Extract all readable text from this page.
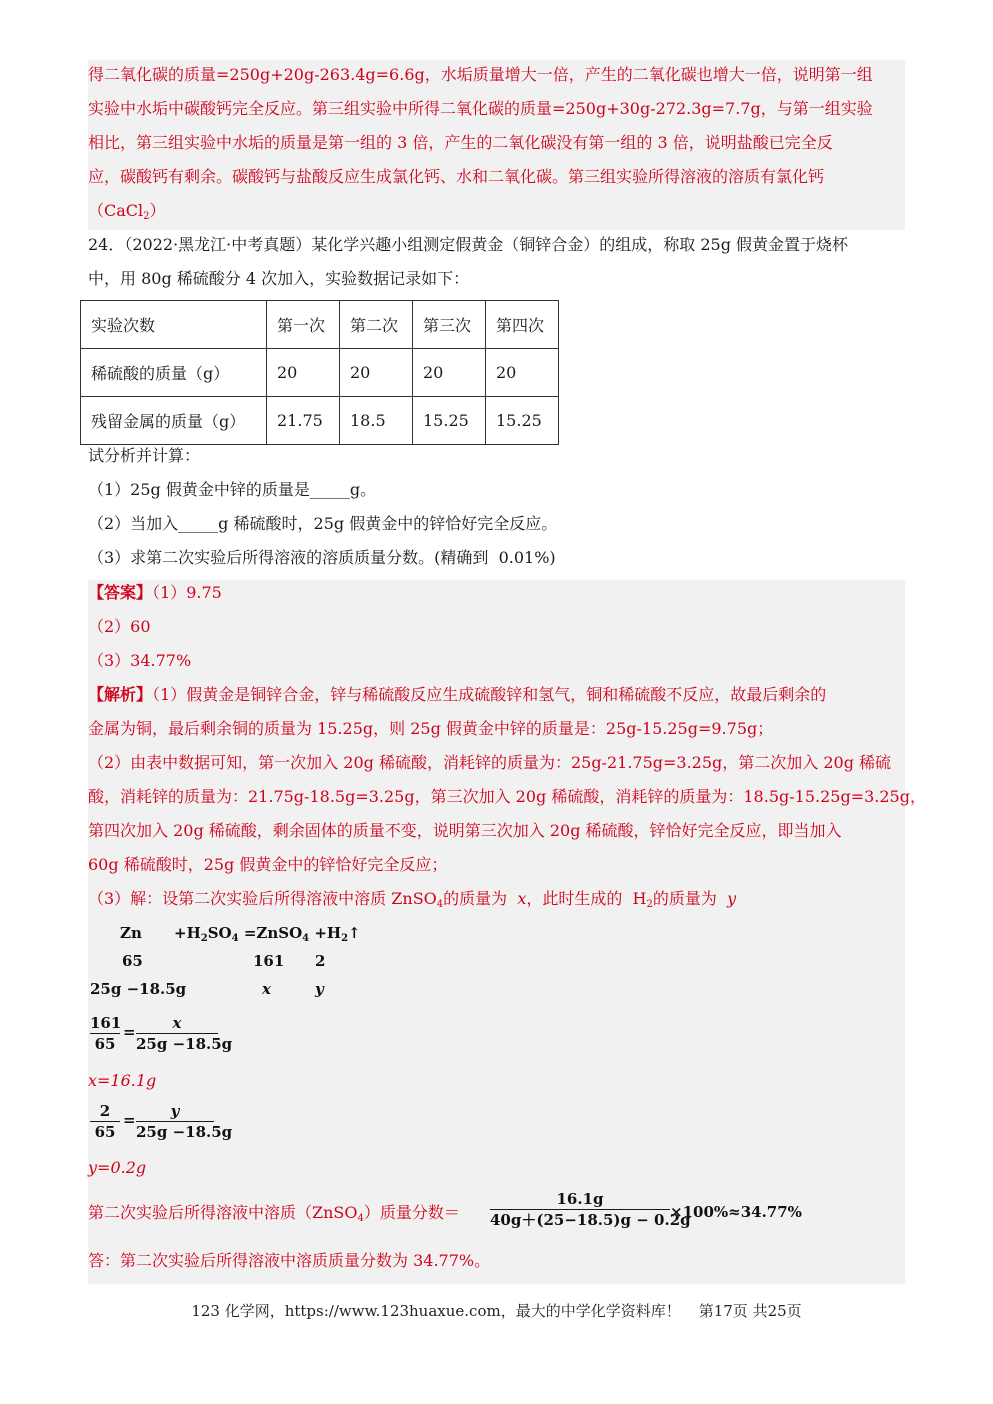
得二氧化碳的质量=250g+20g-263.4g=6.6g，水垢质量增大一倍，产生的二氧化碳也增大一倍，说明第一组
实验中水垢中碳酸钙完全反应。第三组实验中所得二氧化碳的质量=250g+30g-272.3g=7.7g，与第一组实验
相比，第三组实验中水垢的质量是第一组的 3 倍，产生的二氧化碳没有第一组的 3 倍，说明盐酸已完全反
应，碳酸钙有剩余。碳酸钙与盐酸反应生成氯化钙、水和二氧化碳。第三组实验所得溶液的溶质有氯化钙
（CaCl$_2$）
24．（2022·黑龙江·中考真题）某化学兴趣小组测定假黄金（铜锌合金）的组成，称取 25g 假黄金置于烧杯
中，用 80g 稀硫酸分 4 次加入，实验数据记录如下：
实验次数	第一次	第二次	第三次	第四次
稀硫酸的质量（g）	20	20	20	20
残留金属的质量（g）	21.75	18.5	15.25	15.25
试分析并计算：
（1）25g 假黄金中锌的质量是_____g。
（2）当加入_____g 稀硫酸时，25g 假黄金中的锌恰好完全反应。
（3）求第二次实验后所得溶液的溶质质量分数。(精确到  0.01%)
【答案】（1）9.75
（2）60
（3）34.77%
【解析】（1）假黄金是铜锌合金，锌与稀硫酸反应生成硫酸锌和氢气，铜和稀硫酸不反应，故最后剩余的
金属为铜，最后剩余铜的质量为 15.25g，则 25g 假黄金中锌的质量是：25g-15.25g=9.75g；
（2）由表中数据可知，第一次加入 20g 稀硫酸，消耗锌的质量为：25g-21.75g=3.25g，第二次加入 20g 稀硫
酸，消耗锌的质量为：21.75g-18.5g=3.25g，第三次加入 20g 稀硫酸，消耗锌的质量为：18.5g-15.25g=3.25g，
第四次加入 20g 稀硫酸，剩余固体的质量不变，说明第三次加入 20g 稀硫酸，锌恰好完全反应，即当加入
60g 稀硫酸时，25g 假黄金中的锌恰好完全反应；
（3）解：设第二次实验后所得溶液中溶质 ZnSO$_4$的质量为  x，此时生成的  $H_2$的质量为  y
$Zn +H_2SO_4$ =ZnSO$_4$ $+H_2↑$
65	161 2
25g −18.5g	x	y
161
65
=	x
25g −18.5g
x=16.1g
2
65
=	y
25g −18.5g
y=0.2g
第二次实验后所得溶液中溶质（ZnSO$_4$）质量分数＝
16.1g
40g＋(25−18.5)g − 0.2g
×100%≈34.77%
答：第二次实验后所得溶液中溶质质量分数为 34.77%。
123 化学网，https://www.123huaxue.com，最大的中学化学资料库！ 第17页 共25页
